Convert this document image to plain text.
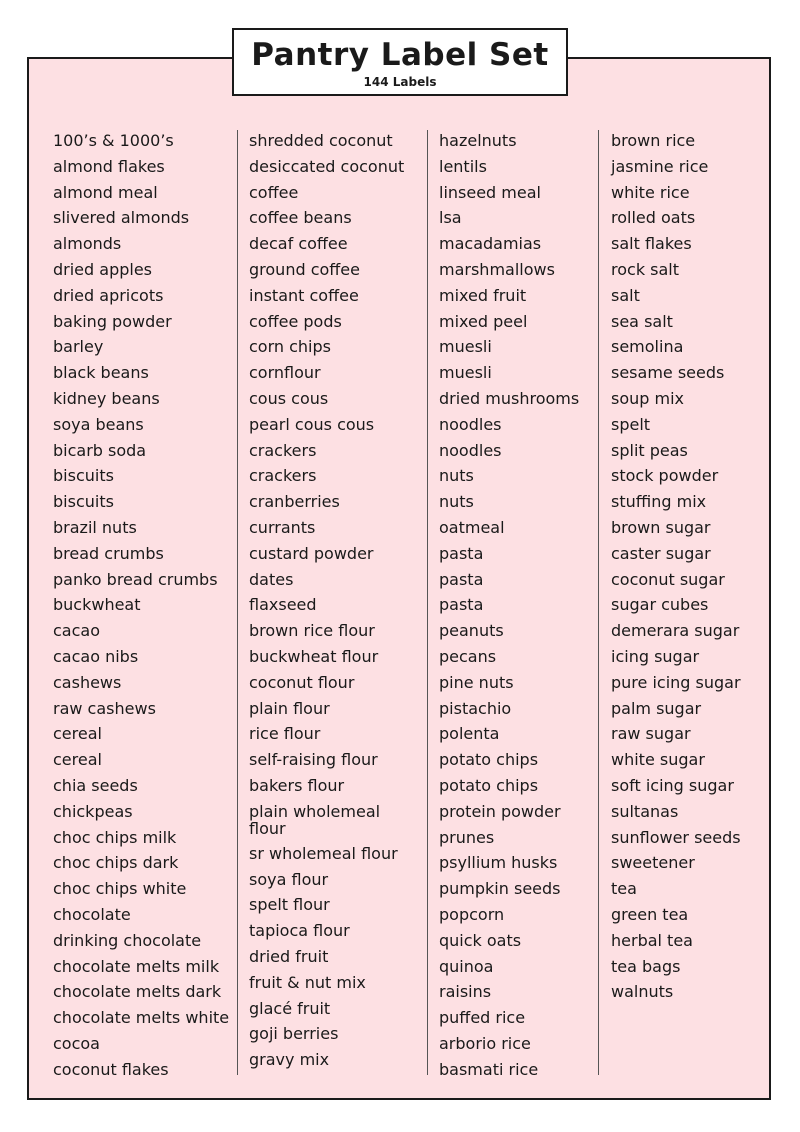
Pantry Label Set
144 Labels
100’s & 1000’s
almond flakes
almond meal
slivered almonds
almonds
dried apples
dried apricots
baking powder
barley
black beans
kidney beans
soya beans
bicarb soda
biscuits
biscuits
brazil nuts
bread crumbs
panko bread crumbs
buckwheat
cacao
cacao nibs
cashews
raw cashews
cereal
cereal
chia seeds
chickpeas
choc chips milk
choc chips dark
choc chips white
chocolate
drinking chocolate
chocolate melts milk
chocolate melts dark
chocolate melts white
cocoa
coconut flakes
shredded coconut
desiccated coconut
coffee
coffee beans
decaf coffee
ground coffee
instant coffee
coffee pods
corn chips
cornflour
cous cous
pearl cous cous
crackers
crackers
cranberries
currants
custard powder
dates
flaxseed
brown rice flour
buckwheat flour
coconut flour
plain flour
rice flour
self-raising flour
bakers flour
plain wholemeal flour
sr wholemeal flour
soya flour
spelt flour
tapioca flour
dried fruit
fruit & nut mix
glacé fruit
goji berries
gravy mix
hazelnuts
lentils
linseed meal
lsa
macadamias
marshmallows
mixed fruit
mixed peel
muesli
muesli
dried mushrooms
noodles
noodles
nuts
nuts
oatmeal
pasta
pasta
pasta
peanuts
pecans
pine nuts
pistachio
polenta
potato chips
potato chips
protein powder
prunes
psyllium husks
pumpkin seeds
popcorn
quick oats
quinoa
raisins
puffed rice
arborio rice
basmati rice
brown rice
jasmine rice
white rice
rolled oats
salt flakes
rock salt
salt
sea salt
semolina
sesame seeds
soup mix
spelt
split peas
stock powder
stuffing mix
brown sugar
caster sugar
coconut sugar
sugar cubes
demerara sugar
icing sugar
pure icing sugar
palm sugar
raw sugar
white sugar
soft icing sugar
sultanas
sunflower seeds
sweetener
tea
green tea
herbal tea
tea bags
walnuts
